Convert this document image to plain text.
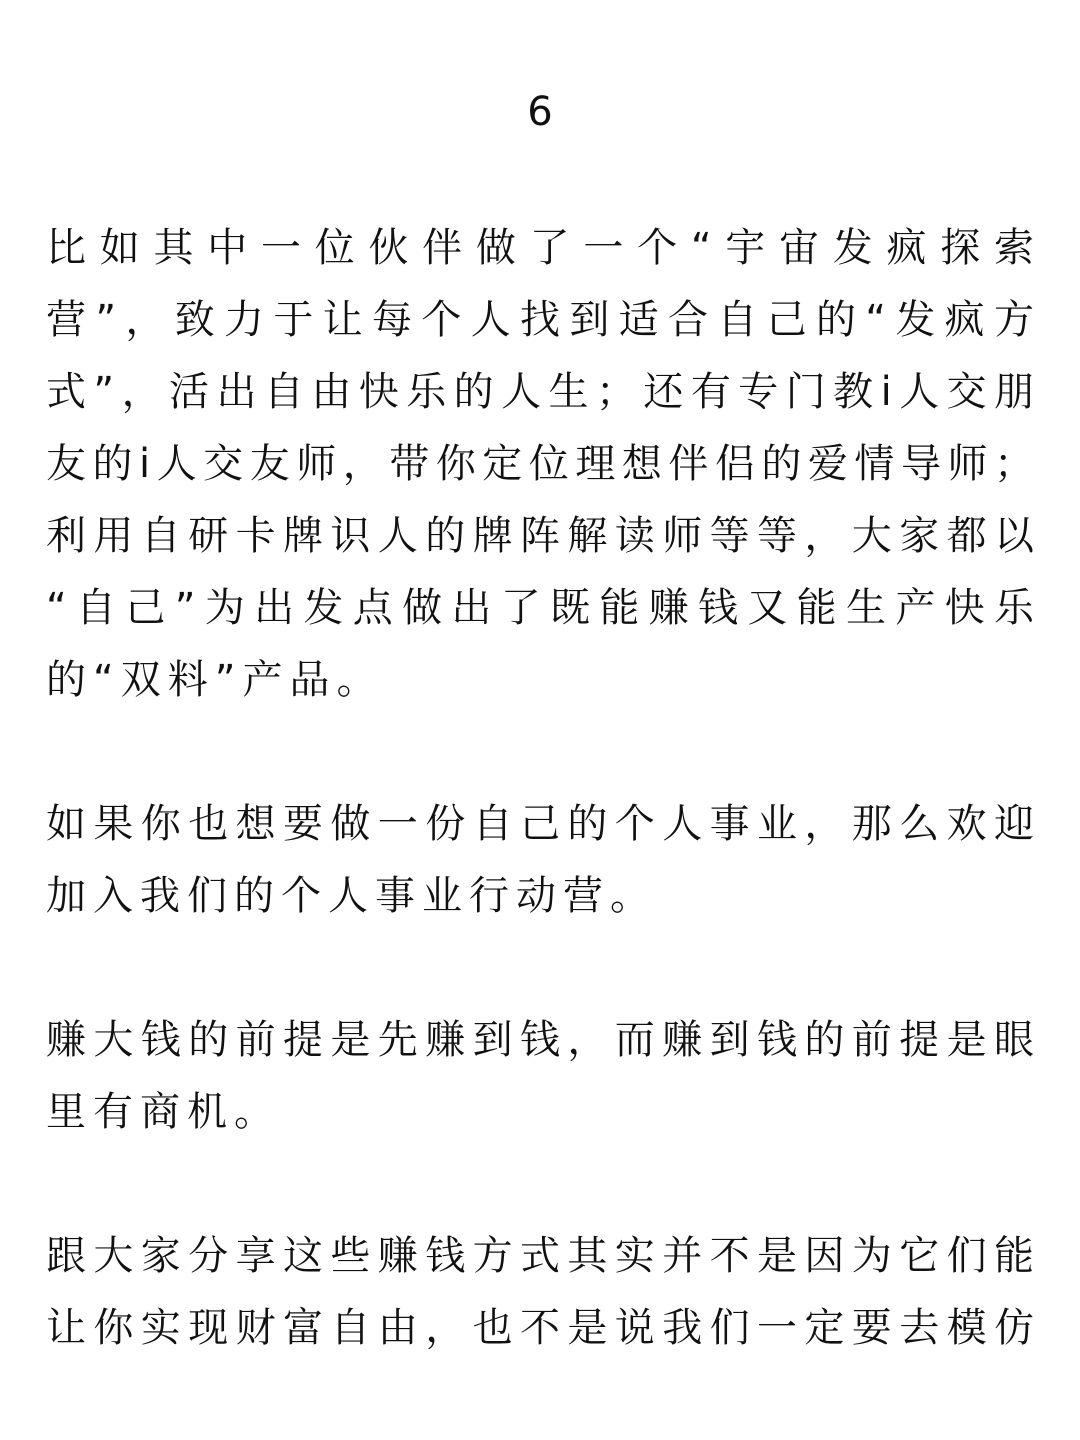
6
比如其中一位伙伴做了一个“宇宙发疯探索
营”，致力于让每个人找到适合自己的“发疯方
式”，活出自由快乐的人生；还有专门教i人交朋
友的i人交友师，带你定位理想伴侣的爱情导师；
利用自研卡牌识人的牌阵解读师等等，大家都以
“自己”为出发点做出了既能赚钱又能生产快乐
的“双料”产品。
如果你也想要做一份自己的个人事业，那么欢迎
加入我们的个人事业行动营。
赚大钱的前提是先赚到钱，而赚到钱的前提是眼
里有商机。
跟大家分享这些赚钱方式其实并不是因为它们能
让你实现财富自由，也不是说我们一定要去模仿
